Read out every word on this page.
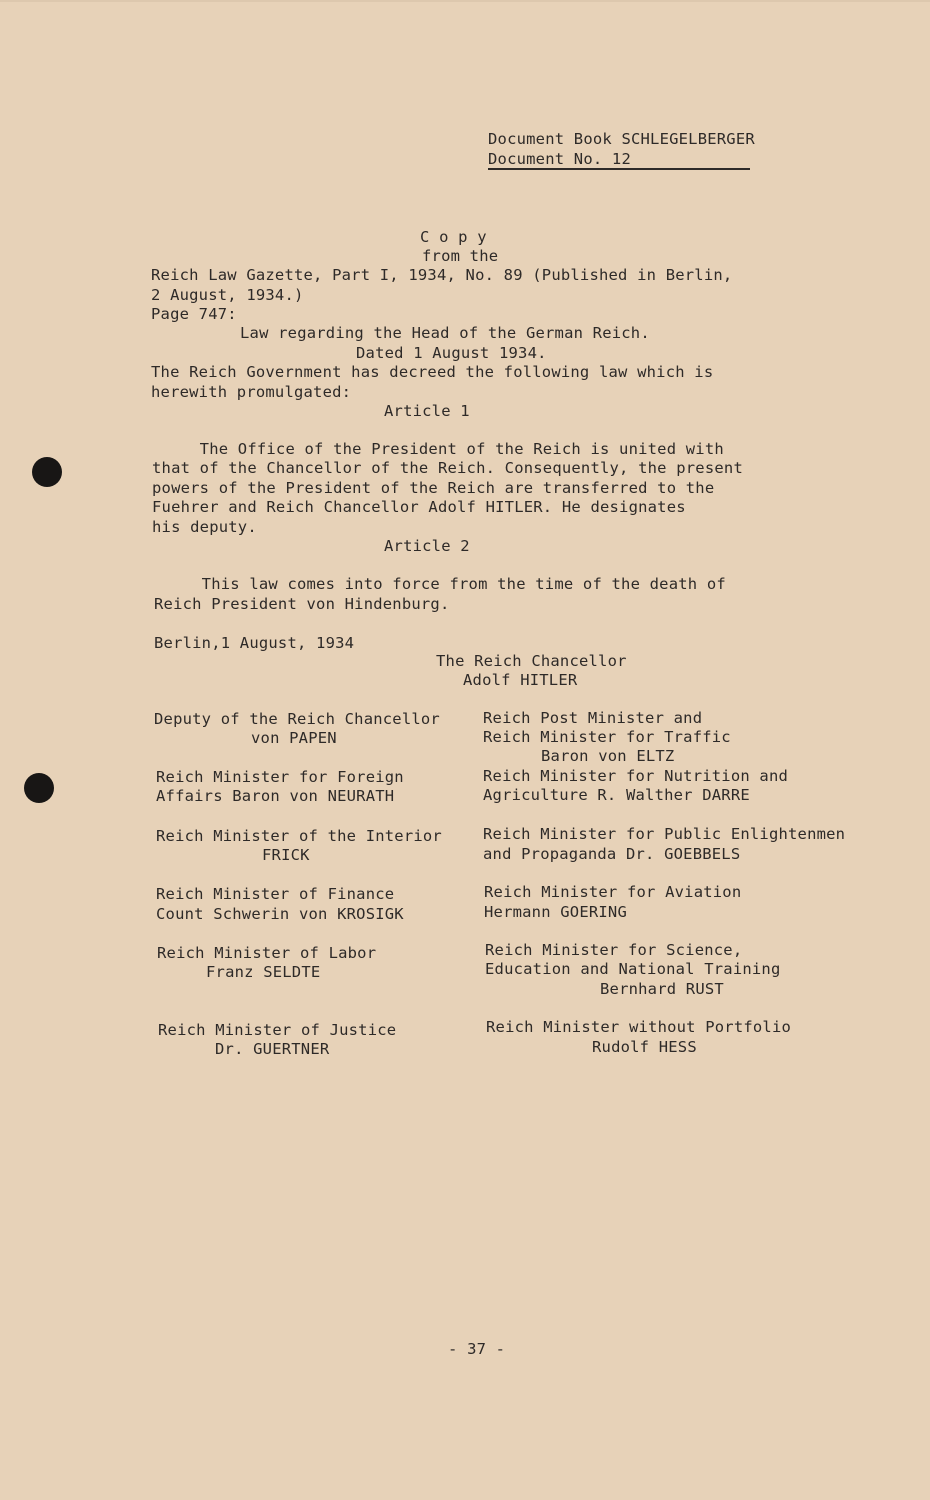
Document Book SCHLEGELBERGER
Document No. 12
C o p y
from the
Reich Law Gazette, Part I, 1934, No. 89 (Published in Berlin,
2 August, 1934.)
Page 747:
Law regarding the Head of the German Reich.
Dated 1 August 1934.
The Reich Government has decreed the following law which is
herewith promulgated:
Article 1
The Office of the President of the Reich is united with
that of the Chancellor of the Reich. Consequently, the present
powers of the President of the Reich are transferred to the
Fuehrer and Reich Chancellor Adolf HITLER. He designates
his deputy.
Article 2
This law comes into force from the time of the death of
Reich President von Hindenburg.
Berlin,1 August, 1934
The Reich Chancellor
Adolf HITLER
Deputy of the Reich Chancellor
von PAPEN
Reich Minister for Foreign
Affairs Baron von NEURATH
Reich Minister of the Interior
FRICK
Reich Minister of Finance
Count Schwerin von KROSIGK
Reich Minister of Labor
Franz SELDTE
Reich Minister of Justice
Dr. GUERTNER
Reich Post Minister and
Reich Minister for Traffic
Baron von ELTZ
Reich Minister for Nutrition and
Agriculture R. Walther DARRE
Reich Minister for Public Enlightenmen
and Propaganda Dr. GOEBBELS
Reich Minister for Aviation
Hermann GOERING
Reich Minister for Science,
Education and National Training
Bernhard RUST
Reich Minister without Portfolio
Rudolf HESS
- 37 -
